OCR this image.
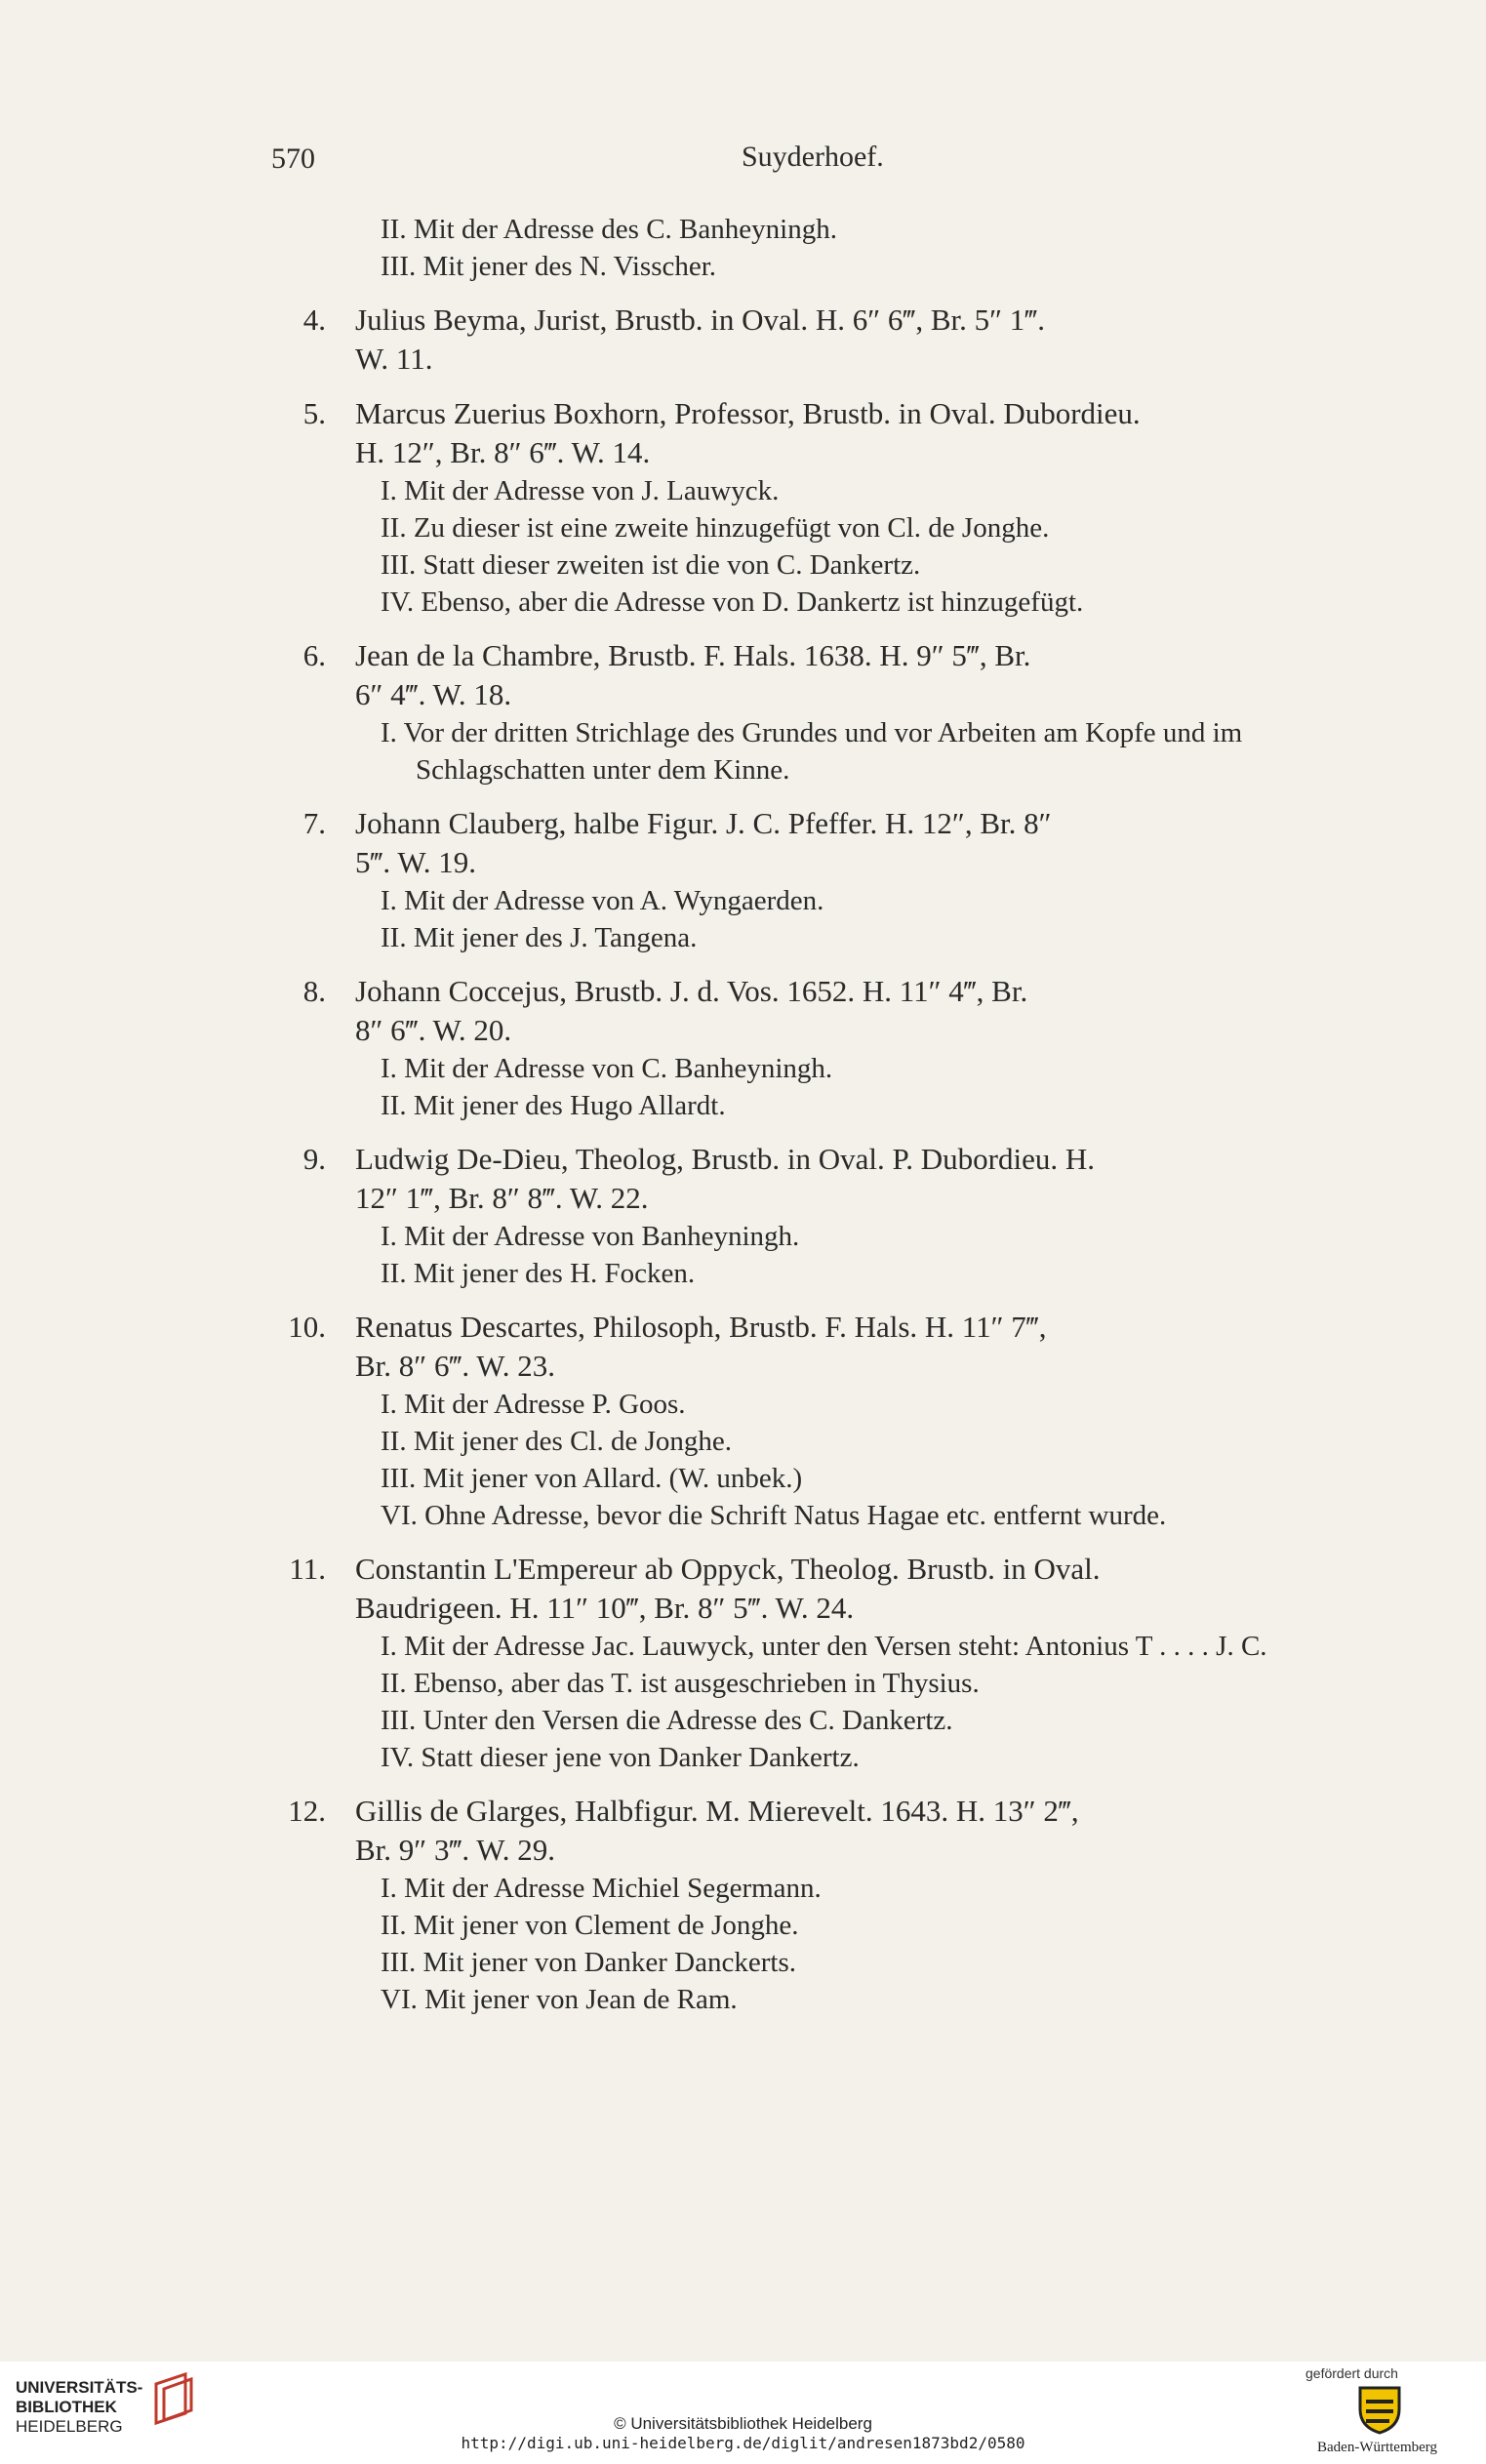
570	Suyderhoef.
II. Mit der Adresse des C. Banheyningh.
III. Mit jener des N. Visscher.
4. Julius Beyma, Jurist, Brustb. in Oval. H. 6″ 6‴, Br. 5″ 1‴.
W. 11.
5. Marcus Zuerius Boxhorn, Professor, Brustb. in Oval. Dubordieu.
H. 12″, Br. 8″ 6‴. W. 14.
I. Mit der Adresse von J. Lauwyck.
II. Zu dieser ist eine zweite hinzugefügt von Cl. de Jonghe.
III. Statt dieser zweiten ist die von C. Dankertz.
IV. Ebenso, aber die Adresse von D. Dankertz ist hinzugefügt.
6. Jean de la Chambre, Brustb. F. Hals. 1638. H. 9″ 5‴, Br.
6″ 4‴. W. 18.
I. Vor der dritten Strichlage des Grundes und vor Arbeiten am Kopfe und im Schlagschatten unter dem Kinne.
7. Johann Clauberg, halbe Figur. J. C. Pfeffer. H. 12″, Br. 8″
5‴. W. 19.
I. Mit der Adresse von A. Wyngaerden.
II. Mit jener des J. Tangena.
8. Johann Coccejus, Brustb. J. d. Vos. 1652. H. 11″ 4‴, Br.
8″ 6‴. W. 20.
I. Mit der Adresse von C. Banheyningh.
II. Mit jener des Hugo Allardt.
9. Ludwig De-Dieu, Theolog, Brustb. in Oval. P. Dubordieu. H.
12″ 1‴, Br. 8″ 8‴. W. 22.
I. Mit der Adresse von Banheyningh.
II. Mit jener des H. Focken.
10. Renatus Descartes, Philosoph, Brustb. F. Hals. H. 11″ 7‴,
Br. 8″ 6‴. W. 23.
I. Mit der Adresse P. Goos.
II. Mit jener des Cl. de Jonghe.
III. Mit jener von Allard. (W. unbek.)
VI. Ohne Adresse, bevor die Schrift Natus Hagae etc. entfernt wurde.
11. Constantin L'Empereur ab Oppyck, Theolog. Brustb. in Oval.
Baudrigeen. H. 11″ 10‴, Br. 8″ 5‴. W. 24.
I. Mit der Adresse Jac. Lauwyck, unter den Versen steht: Antonius T . . . . J. C.
II. Ebenso, aber das T. ist ausgeschrieben in Thysius.
III. Unter den Versen die Adresse des C. Dankertz.
IV. Statt dieser jene von Danker Dankertz.
12. Gillis de Glarges, Halbfigur. M. Mierevelt. 1643. H. 13″ 2‴,
Br. 9″ 3‴. W. 29.
I. Mit der Adresse Michiel Segermann.
II. Mit jener von Clement de Jonghe.
III. Mit jener von Danker Danckerts.
VI. Mit jener von Jean de Ram.
UNIVERSITÄTS-
BIBLIOTHEK
HEIDELBERG	© Universitätsbibliothek Heidelberg
http://digi.ub.uni-heidelberg.de/diglit/andresen1873bd2/0580
gefördert durch
Baden-Württemberg
